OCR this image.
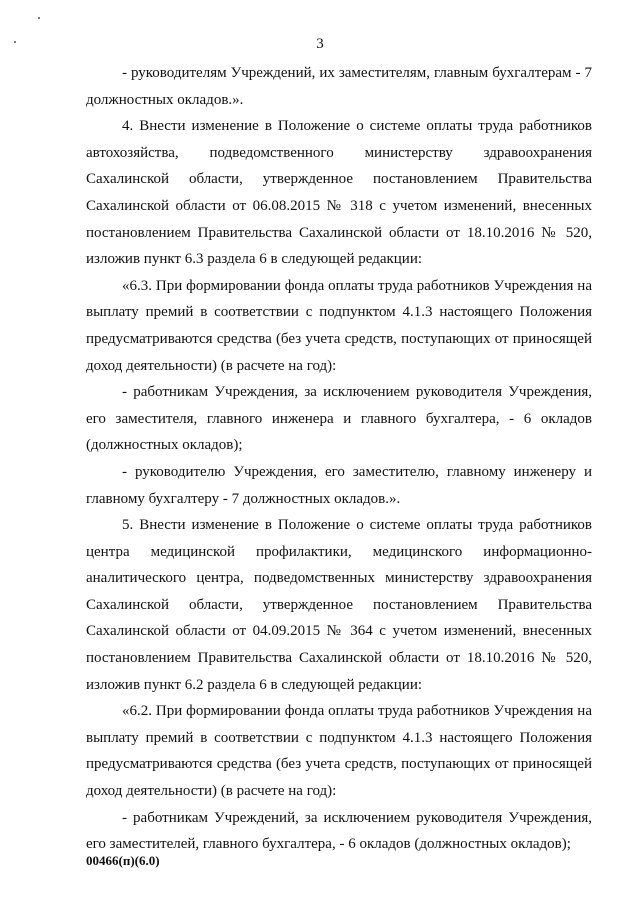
3

- руководителям Учреждений, их заместителям, главным бухгалтерам - 7 должностных окладов.».

4. Внести изменение в Положение о системе оплаты труда работников автохозяйства, подведомственного министерству здравоохранения Сахалинской области, утвержденное постановлением Правительства Сахалинской области от 06.08.2015 № 318 с учетом изменений, внесенных постановлением Правительства Сахалинской области от 18.10.2016 № 520, изложив пункт 6.3 раздела 6 в следующей редакции:

«6.3. При формировании фонда оплаты труда работников Учреждения на выплату премий в соответствии с подпунктом 4.1.3 настоящего Положения предусматриваются средства (без учета средств, поступающих от приносящей доход деятельности) (в расчете на год):

- работникам Учреждения, за исключением руководителя Учреждения, его заместителя, главного инженера и главного бухгалтера, - 6 окладов (должностных окладов);

- руководителю Учреждения, его заместителю, главному инженеру и главному бухгалтеру - 7 должностных окладов.».

5. Внести изменение в Положение о системе оплаты труда работников центра медицинской профилактики, медицинского информационно-аналитического центра, подведомственных министерству здравоохранения Сахалинской области, утвержденное постановлением Правительства Сахалинской области от 04.09.2015 № 364 с учетом изменений, внесенных постановлением Правительства Сахалинской области от 18.10.2016 № 520, изложив пункт 6.2 раздела 6 в следующей редакции:

«6.2. При формировании фонда оплаты труда работников Учреждения на выплату премий в соответствии с подпунктом 4.1.3 настоящего Положения предусматриваются средства (без учета средств, поступающих от приносящей доход деятельности) (в расчете на год):

- работникам Учреждений, за исключением руководителя Учреждения, его заместителей, главного бухгалтера, - 6 окладов (должностных окладов);

00466(п)(6.0)
